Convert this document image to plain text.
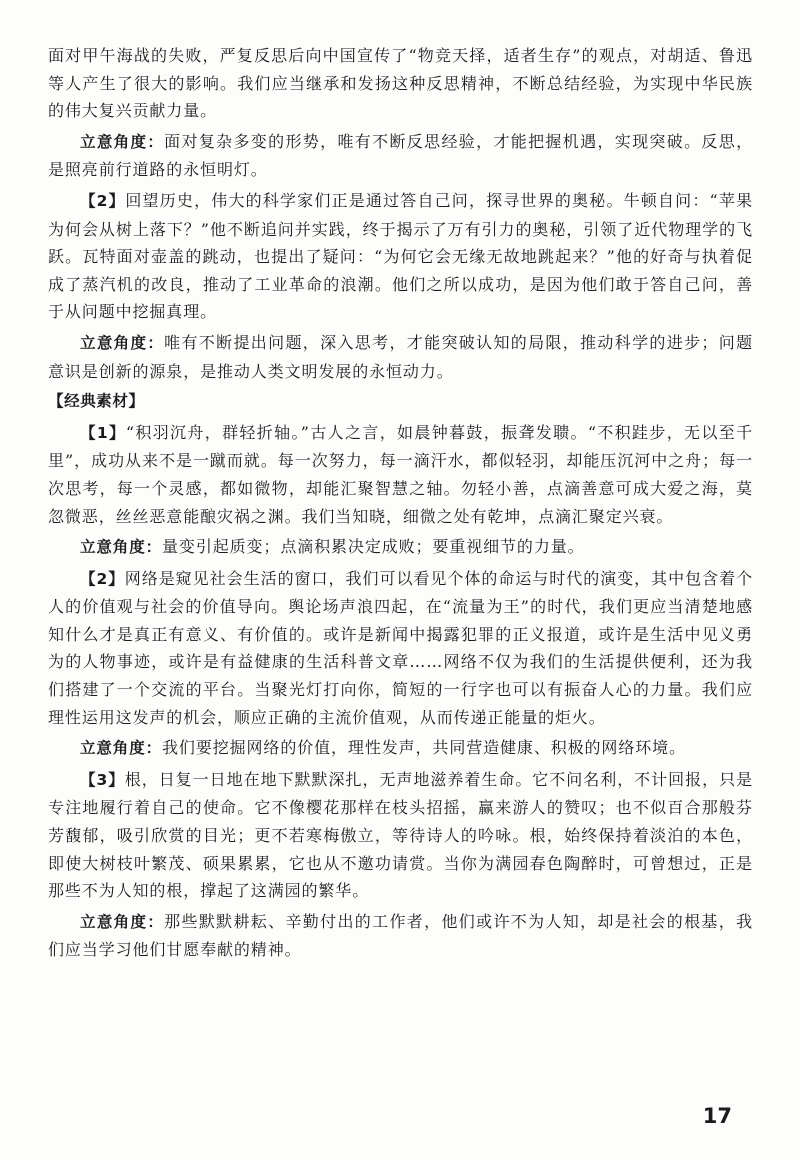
面对甲午海战的失败，严复反思后向中国宣传了“物竞天择，适者生存”的观点，对胡适、鲁迅等人产生了很大的影响。我们应当继承和发扬这种反思精神，不断总结经验，为实现中华民族的伟大复兴贡献力量。

立意角度：面对复杂多变的形势，唯有不断反思经验，才能把握机遇，实现突破。反思，是照亮前行道路的永恒明灯。

【2】回望历史，伟大的科学家们正是通过答自己问，探寻世界的奥秘。牛顿自问：“苹果为何会从树上落下？”他不断追问并实践，终于揭示了万有引力的奥秘，引领了近代物理学的飞跃。瓦特面对壶盖的跳动，也提出了疑问：“为何它会无缘无故地跳起来？”他的好奇与执着促成了蒸汽机的改良，推动了工业革命的浪潮。他们之所以成功，是因为他们敢于答自己问，善于从问题中挖掘真理。

立意角度：唯有不断提出问题，深入思考，才能突破认知的局限，推动科学的进步；问题意识是创新的源泉，是推动人类文明发展的永恒动力。

【经典素材】

【1】“积羽沉舟，群轻折轴。”古人之言，如晨钟暮鼓，振聋发聩。“不积跬步，无以至千里”，成功从来不是一蹴而就。每一次努力，每一滴汗水，都似轻羽，却能压沉河中之舟；每一次思考，每一个灵感，都如微物，却能汇聚智慧之轴。勿轻小善，点滴善意可成大爱之海，莫忽微恶，丝丝恶意能酿灾祸之渊。我们当知晓，细微之处有乾坤，点滴汇聚定兴衰。

立意角度：量变引起质变；点滴积累决定成败；要重视细节的力量。

【2】网络是窥见社会生活的窗口，我们可以看见个体的命运与时代的演变，其中包含着个人的价值观与社会的价值导向。舆论场声浪四起，在“流量为王”的时代，我们更应当清楚地感知什么才是真正有意义、有价值的。或许是新闻中揭露犯罪的正义报道，或许是生活中见义勇为的人物事迹，或许是有益健康的生活科普文章……网络不仅为我们的生活提供便利，还为我们搭建了一个交流的平台。当聚光灯打向你，简短的一行字也可以有振奋人心的力量。我们应理性运用这发声的机会，顺应正确的主流价值观，从而传递正能量的炬火。

立意角度：我们要挖掘网络的价值，理性发声，共同营造健康、积极的网络环境。

【3】根，日复一日地在地下默默深扎，无声地滋养着生命。它不问名利，不计回报，只是专注地履行着自己的使命。它不像樱花那样在枝头招摇，赢来游人的赞叹；也不似百合那般芬芳馥郁，吸引欣赏的目光；更不若寒梅傲立，等待诗人的吟咏。根，始终保持着淡泊的本色，即使大树枝叶繁茂、硕果累累，它也从不邀功请赏。当你为满园春色陶醉时，可曾想过，正是那些不为人知的根，撑起了这满园的繁华。

立意角度：那些默默耕耘、辛勤付出的工作者，他们或许不为人知，却是社会的根基，我们应当学习他们甘愿奉献的精神。

17
